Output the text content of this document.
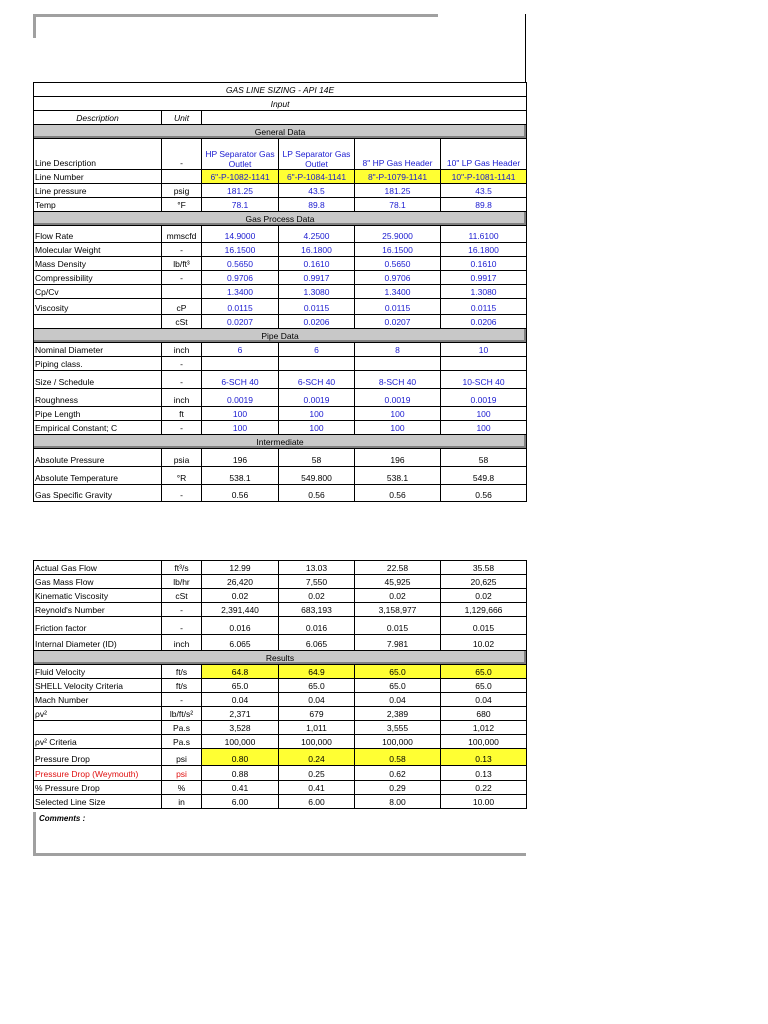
GAS LINE SIZING - API 14E					
Input					
Description	Unit				
General Data					
Line Description	-	HP Separator Gas Outlet	LP Separator Gas Outlet	8" HP Gas Header	10" LP Gas Header
Line Number		6"-P-1082-1141	6"-P-1084-1141	8"-P-1079-1141	10"-P-1081-1141
Line pressure	psig	181.25	43.5	181.25	43.5
Temp	°F	78.1	89.8	78.1	89.8
Gas Process Data					
Flow Rate	mmscfd	14.9000	4.2500	25.9000	11.6100
Molecular Weight	-	16.1500	16.1800	16.1500	16.1800
Mass Density	lb/ft³	0.5650	0.1610	0.5650	0.1610
Compressibility	-	0.9706	0.9917	0.9706	0.9917
Cp/Cv		1.3400	1.3080	1.3400	1.3080
Viscosity	cP	0.0115	0.0115	0.0115	0.0115
	cSt	0.0207	0.0206	0.0207	0.0206
Pipe Data					
Nominal Diameter	inch	6	6	8	10
Piping class.	-				
Size / Schedule	-	6-SCH 40	6-SCH 40	8-SCH 40	10-SCH 40
Roughness	inch	0.0019	0.0019	0.0019	0.0019
Pipe Length	ft	100	100	100	100
Empirical Constant; C	-	100	100	100	100
Intermediate					
Absolute Pressure	psia	196	58	196	58
Absolute Temperature	°R	538.1	549.800	538.1	549.8
Gas Specific Gravity	-	0.56	0.56	0.56	0.56
Actual Gas Flow	ft³/s	12.99	13.03	22.58	35.58
Gas Mass Flow	lb/hr	26,420	7,550	45,925	20,625
Kinematic Viscosity	cSt	0.02	0.02	0.02	0.02
Reynold's Number	-	2,391,440	683,193	3,158,977	1,129,666
Friction factor	-	0.016	0.016	0.015	0.015
Internal Diameter (ID)	inch	6.065	6.065	7.981	10.02
Results					
Fluid Velocity	ft/s	64.8	64.9	65.0	65.0
SHELL Velocity Criteria	ft/s	65.0	65.0	65.0	65.0
Mach Number	-	0.04	0.04	0.04	0.04
ρv²	lb/ft/s²	2,371	679	2,389	680
	Pa.s	3,528	1,011	3,555	1,012
ρv² Criteria	Pa.s	100,000	100,000	100,000	100,000
Pressure Drop	psi	0.80	0.24	0.58	0.13
Pressure Drop (Weymouth)	psi	0.88	0.25	0.62	0.13
% Pressure Drop	%	0.41	0.41	0.29	0.22
Selected Line Size	in	6.00	6.00	8.00	10.00
Comments :
